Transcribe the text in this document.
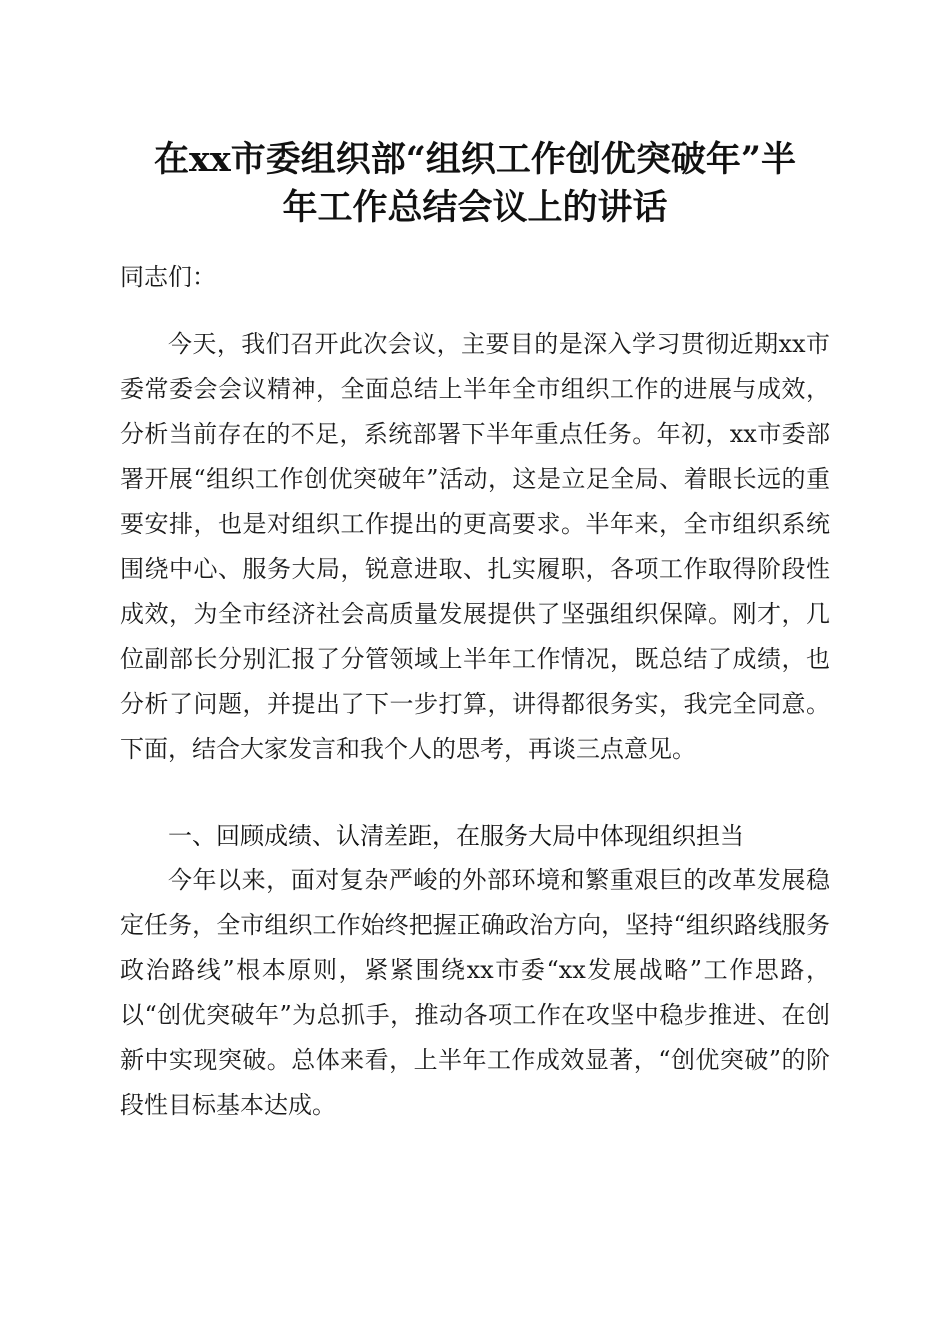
在xx市委组织部“组织工作创优突破年”半
年工作总结会议上的讲话
同志们：
今天，我们召开此次会议，主要目的是深入学习贯彻近期xx市委常委会会议精神，全面总结上半年全市组织工作的进展与成效，分析当前存在的不足，系统部署下半年重点任务。年初，xx市委部署开展“组织工作创优突破年”活动，这是立足全局、着眼长远的重要安排，也是对组织工作提出的更高要求。半年来，全市组织系统围绕中心、服务大局，锐意进取、扎实履职，各项工作取得阶段性成效，为全市经济社会高质量发展提供了坚强组织保障。刚才，几位副部长分别汇报了分管领域上半年工作情况，既总结了成绩，也分析了问题，并提出了下一步打算，讲得都很务实，我完全同意。下面，结合大家发言和我个人的思考，再谈三点意见。
一、回顾成绩、认清差距，在服务大局中体现组织担当
今年以来，面对复杂严峻的外部环境和繁重艰巨的改革发展稳定任务，全市组织工作始终把握正确政治方向，坚持“组织路线服务政治路线”根本原则，紧紧围绕xx市委“xx发展战略”工作思路，以“创优突破年”为总抓手，推动各项工作在攻坚中稳步推进、在创新中实现突破。总体来看，上半年工作成效显著，“创优突破”的阶段性目标基本达成。
